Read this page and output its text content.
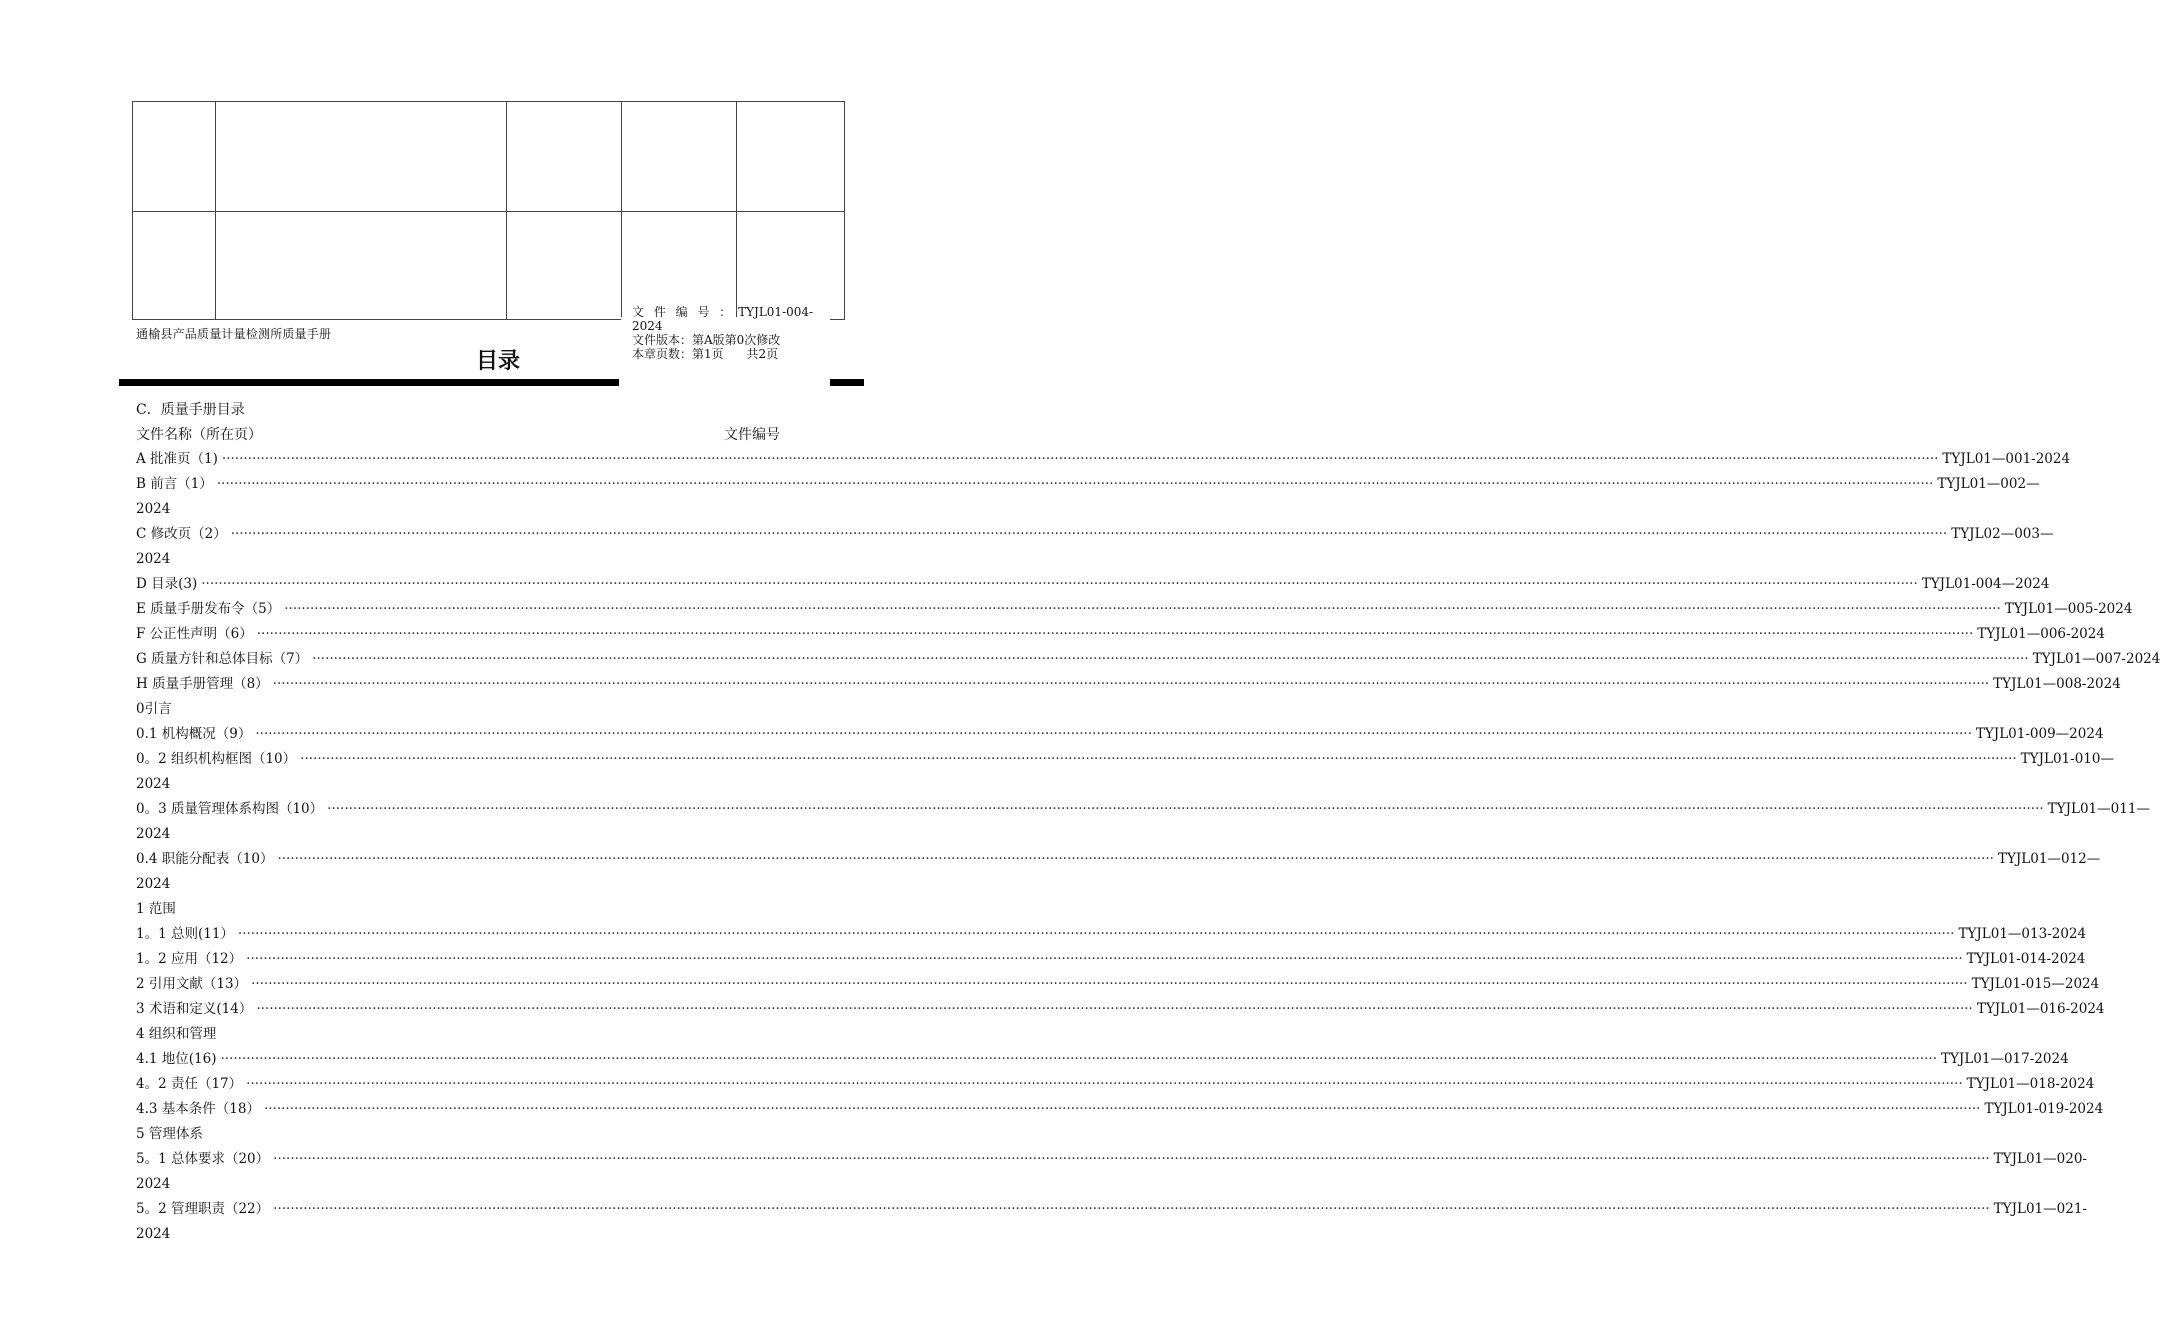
通榆县产品质量计量检测所质量手册
目录
文 件 编 号 ： TYJL01-004-
2024
文件版本：第A版第0次修改
本章页数：第1页 共2页
C．质量手册目录
文件名称（所在页）	文件编号
A 批准页（1) ················································································································································································································································································································································································································ TYJL01—001-2024
B 前言（1） ················································································································································································································································································································································································································ TYJL01—002—
2024
C 修改页（2） ················································································································································································································································································································································································································ TYJL02—003—
2024
D 目录(3) ················································································································································································································································································································································································································ TYJL01-004—2024
E 质量手册发布令（5） ················································································································································································································································································································································································································ TYJL01—005-2024
F 公正性声明（6） ················································································································································································································································································································································································································ TYJL01—006-2024
G 质量方针和总体目标（7） ················································································································································································································································································································································································································ TYJL01—007-2024
H 质量手册管理（8） ················································································································································································································································································································································································································ TYJL01—008-2024
0引言
0.1 机构概况（9） ················································································································································································································································································································································································································ TYJL01-009—2024
0。2 组织机构框图（10） ················································································································································································································································································································································································································ TYJL01-010—
2024
0。3 质量管理体系构图（10） ················································································································································································································································································································································································································ TYJL01—011—
2024
0.4 职能分配表（10） ················································································································································································································································································································································································································ TYJL01—012—
2024
1 范围
1。1 总则(11） ················································································································································································································································································································································································································ TYJL01—013-2024
1。2 应用（12） ················································································································································································································································································································································································································ TYJL01-014-2024
2 引用文献（13） ················································································································································································································································································································································································································ TYJL01-015—2024
3 术语和定义(14） ················································································································································································································································································································································································································ TYJL01—016-2024
4 组织和管理
4.1 地位(16) ················································································································································································································································································································································································································ TYJL01—017-2024
4。2 责任（17） ················································································································································································································································································································································································································ TYJL01—018-2024
4.3 基本条件（18） ················································································································································································································································································································································································································ TYJL01-019-2024
5 管理体系
5。1 总体要求（20） ················································································································································································································································································································································································································ TYJL01—020-
2024
5。2 管理职责（22） ················································································································································································································································································································································································································ TYJL01—021-
2024
